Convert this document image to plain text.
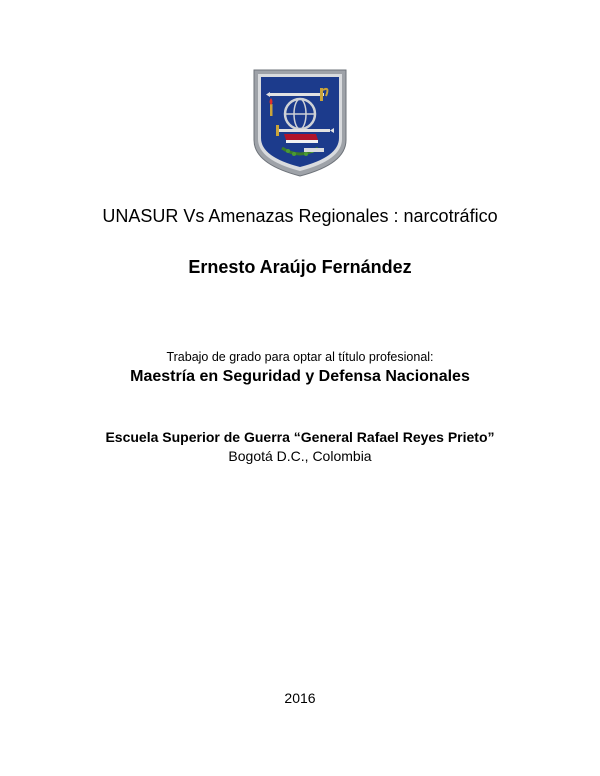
UNASUR Vs Amenazas Regionales : narcotráfico
Ernesto Araújo Fernández
Trabajo de grado para optar al título profesional:
Maestría en Seguridad y Defensa Nacionales
Escuela Superior de Guerra “General Rafael Reyes Prieto”
Bogotá D.C., Colombia
2016
